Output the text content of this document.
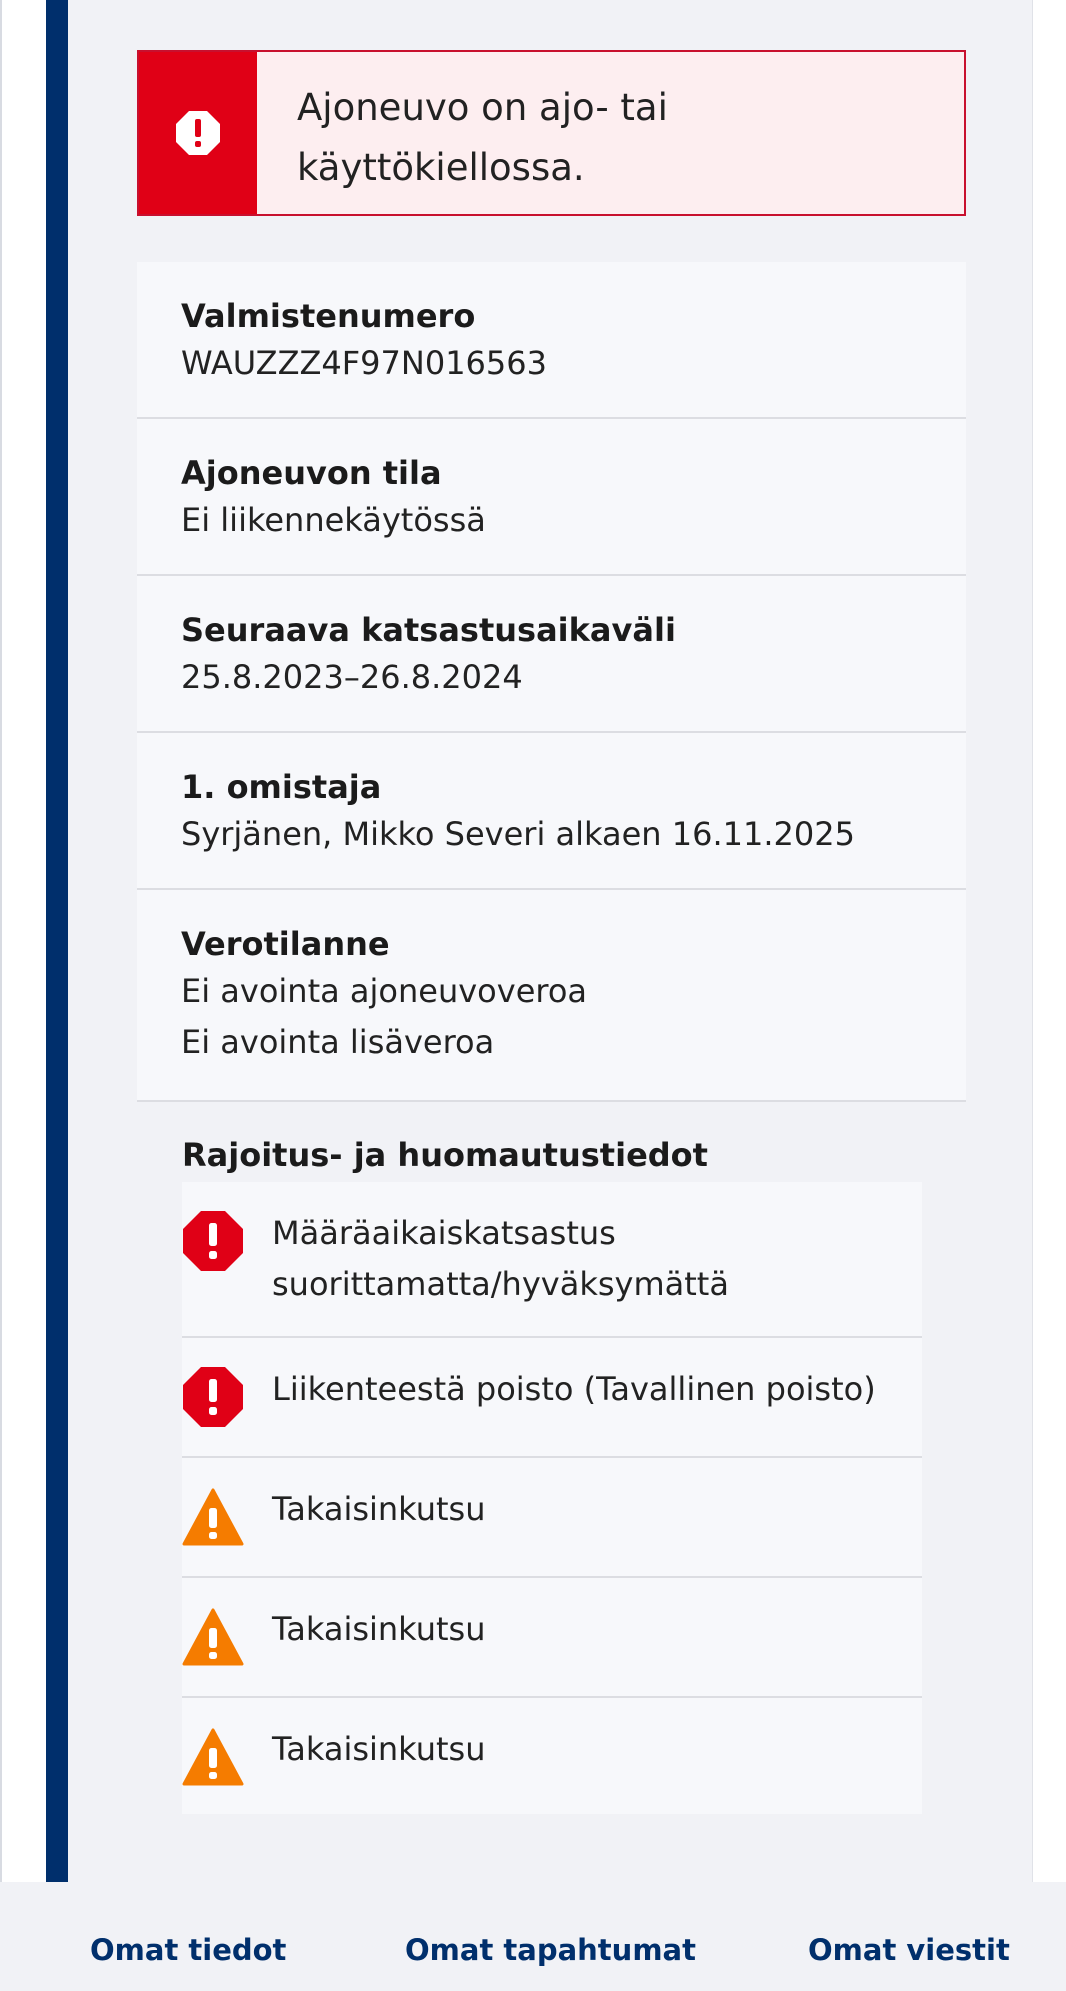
Ajoneuvo on ajo- tai
käyttökiellossa.
Valmistenumero
WAUZZZ4F97N016563
Ajoneuvon tila
Ei liikennekäytössä
Seuraava katsastusaikaväli
25.8.2023–26.8.2024
1. omistaja
Syrjänen, Mikko Severi alkaen 16.11.2025
Verotilanne
Ei avointa ajoneuvoveroa
Ei avointa lisäveroa
Rajoitus- ja huomautustiedot
Määräaikaiskatsastus
suorittamatta/hyväksymättä
Liikenteestä poisto (Tavallinen poisto)
Takaisinkutsu
Takaisinkutsu
Takaisinkutsu
Omat tiedot	Omat tapahtumat	Omat viestit
